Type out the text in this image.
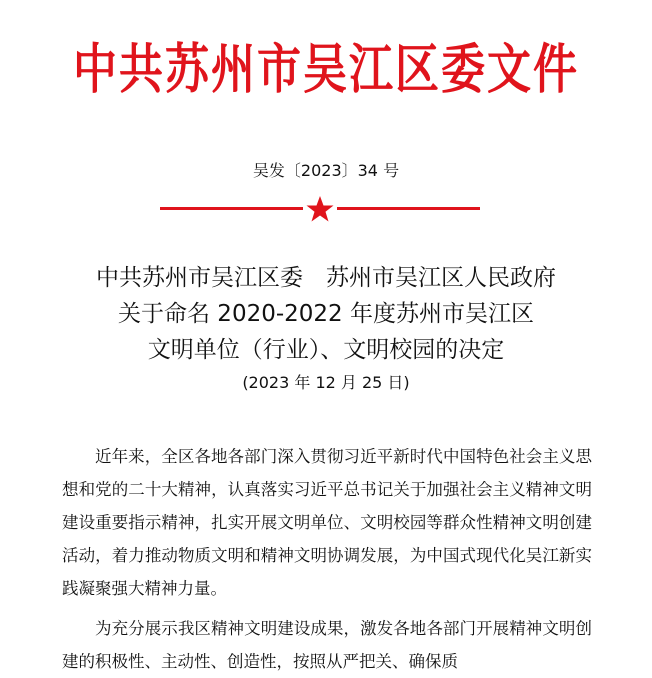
中共苏州市吴江区委文件
吴发〔2023〕34 号
中共苏州市吴江区委　苏州市吴江区人民政府
关于命名 2020-2022 年度苏州市吴江区
文明单位（行业）、文明校园的决定
(2023 年 12 月 25 日)

近年来，全区各地各部门深入贯彻习近平新时代中国特色社会主义思想和党的二十大精神，认真落实习近平总书记关于加强社会主义精神文明建设重要指示精神，扎实开展文明单位、文明校园等群众性精神文明创建活动，着力推动物质文明和精神文明协调发展，为中国式现代化吴江新实践凝聚强大精神力量。

为充分展示我区精神文明建设成果，激发各地各部门开展精神文明创建的积极性、主动性、创造性，按照从严把关、确保质
